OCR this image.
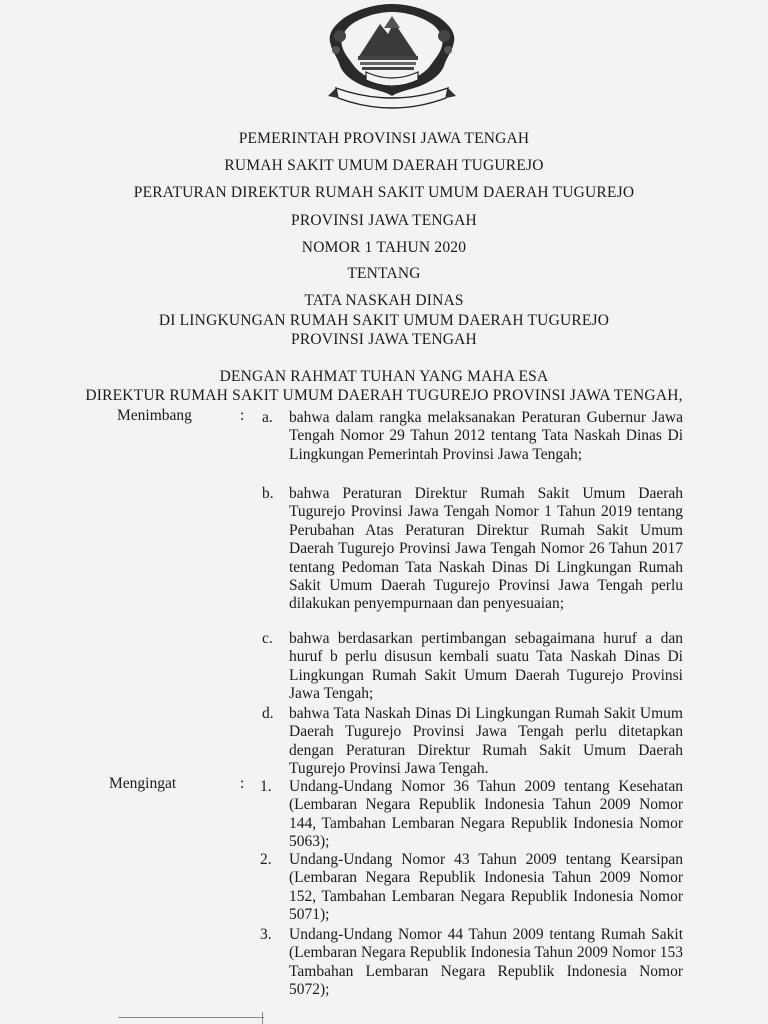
PEMERINTAH PROVINSI JAWA TENGAH
RUMAH SAKIT UMUM DAERAH TUGUREJO
PERATURAN DIREKTUR RUMAH SAKIT UMUM DAERAH TUGUREJO
PROVINSI JAWA TENGAH
NOMOR 1 TAHUN 2020
TENTANG
TATA NASKAH DINAS
DI LINGKUNGAN RUMAH SAKIT UMUM DAERAH TUGUREJO
PROVINSI JAWA TENGAH
DENGAN RAHMAT TUHAN YANG MAHA ESA
DIREKTUR RUMAH SAKIT UMUM DAERAH TUGUREJO PROVINSI JAWA TENGAH,
Menimbang	: a. bahwa dalam rangka melaksanakan Peraturan Gubernur Jawa Tengah Nomor 29 Tahun 2012 tentang Tata Naskah Dinas Di Lingkungan Pemerintah Provinsi Jawa Tengah;
b. bahwa Peraturan Direktur Rumah Sakit Umum Daerah Tugurejo Provinsi Jawa Tengah Nomor 1 Tahun 2019 tentang Perubahan Atas Peraturan Direktur Rumah Sakit Umum Daerah Tugurejo Provinsi Jawa Tengah Nomor 26 Tahun 2017 tentang Pedoman Tata Naskah Dinas Di Lingkungan Rumah Sakit Umum Daerah Tugurejo Provinsi Jawa Tengah perlu dilakukan penyempurnaan dan penyesuaian;
c. bahwa berdasarkan pertimbangan sebagaimana huruf a dan huruf b perlu disusun kembali suatu Tata Naskah Dinas Di Lingkungan Rumah Sakit Umum Daerah Tugurejo Provinsi Jawa Tengah;
d. bahwa Tata Naskah Dinas Di Lingkungan Rumah Sakit Umum Daerah Tugurejo Provinsi Jawa Tengah perlu ditetapkan dengan Peraturan Direktur Rumah Sakit Umum Daerah Tugurejo Provinsi Jawa Tengah.
Mengingat	: 1. Undang-Undang Nomor 36 Tahun 2009 tentang Kesehatan (Lembaran Negara Republik Indonesia Tahun 2009 Nomor 144, Tambahan Lembaran Negara Republik Indonesia Nomor 5063);
2. Undang-Undang Nomor 43 Tahun 2009 tentang Kearsipan (Lembaran Negara Republik Indonesia Tahun 2009 Nomor 152, Tambahan Lembaran Negara Republik Indonesia Nomor 5071);
3. Undang-Undang Nomor 44 Tahun 2009 tentang Rumah Sakit (Lembaran Negara Republik Indonesia Tahun 2009 Nomor 153 Tambahan Lembaran Negara Republik Indonesia Nomor 5072);
